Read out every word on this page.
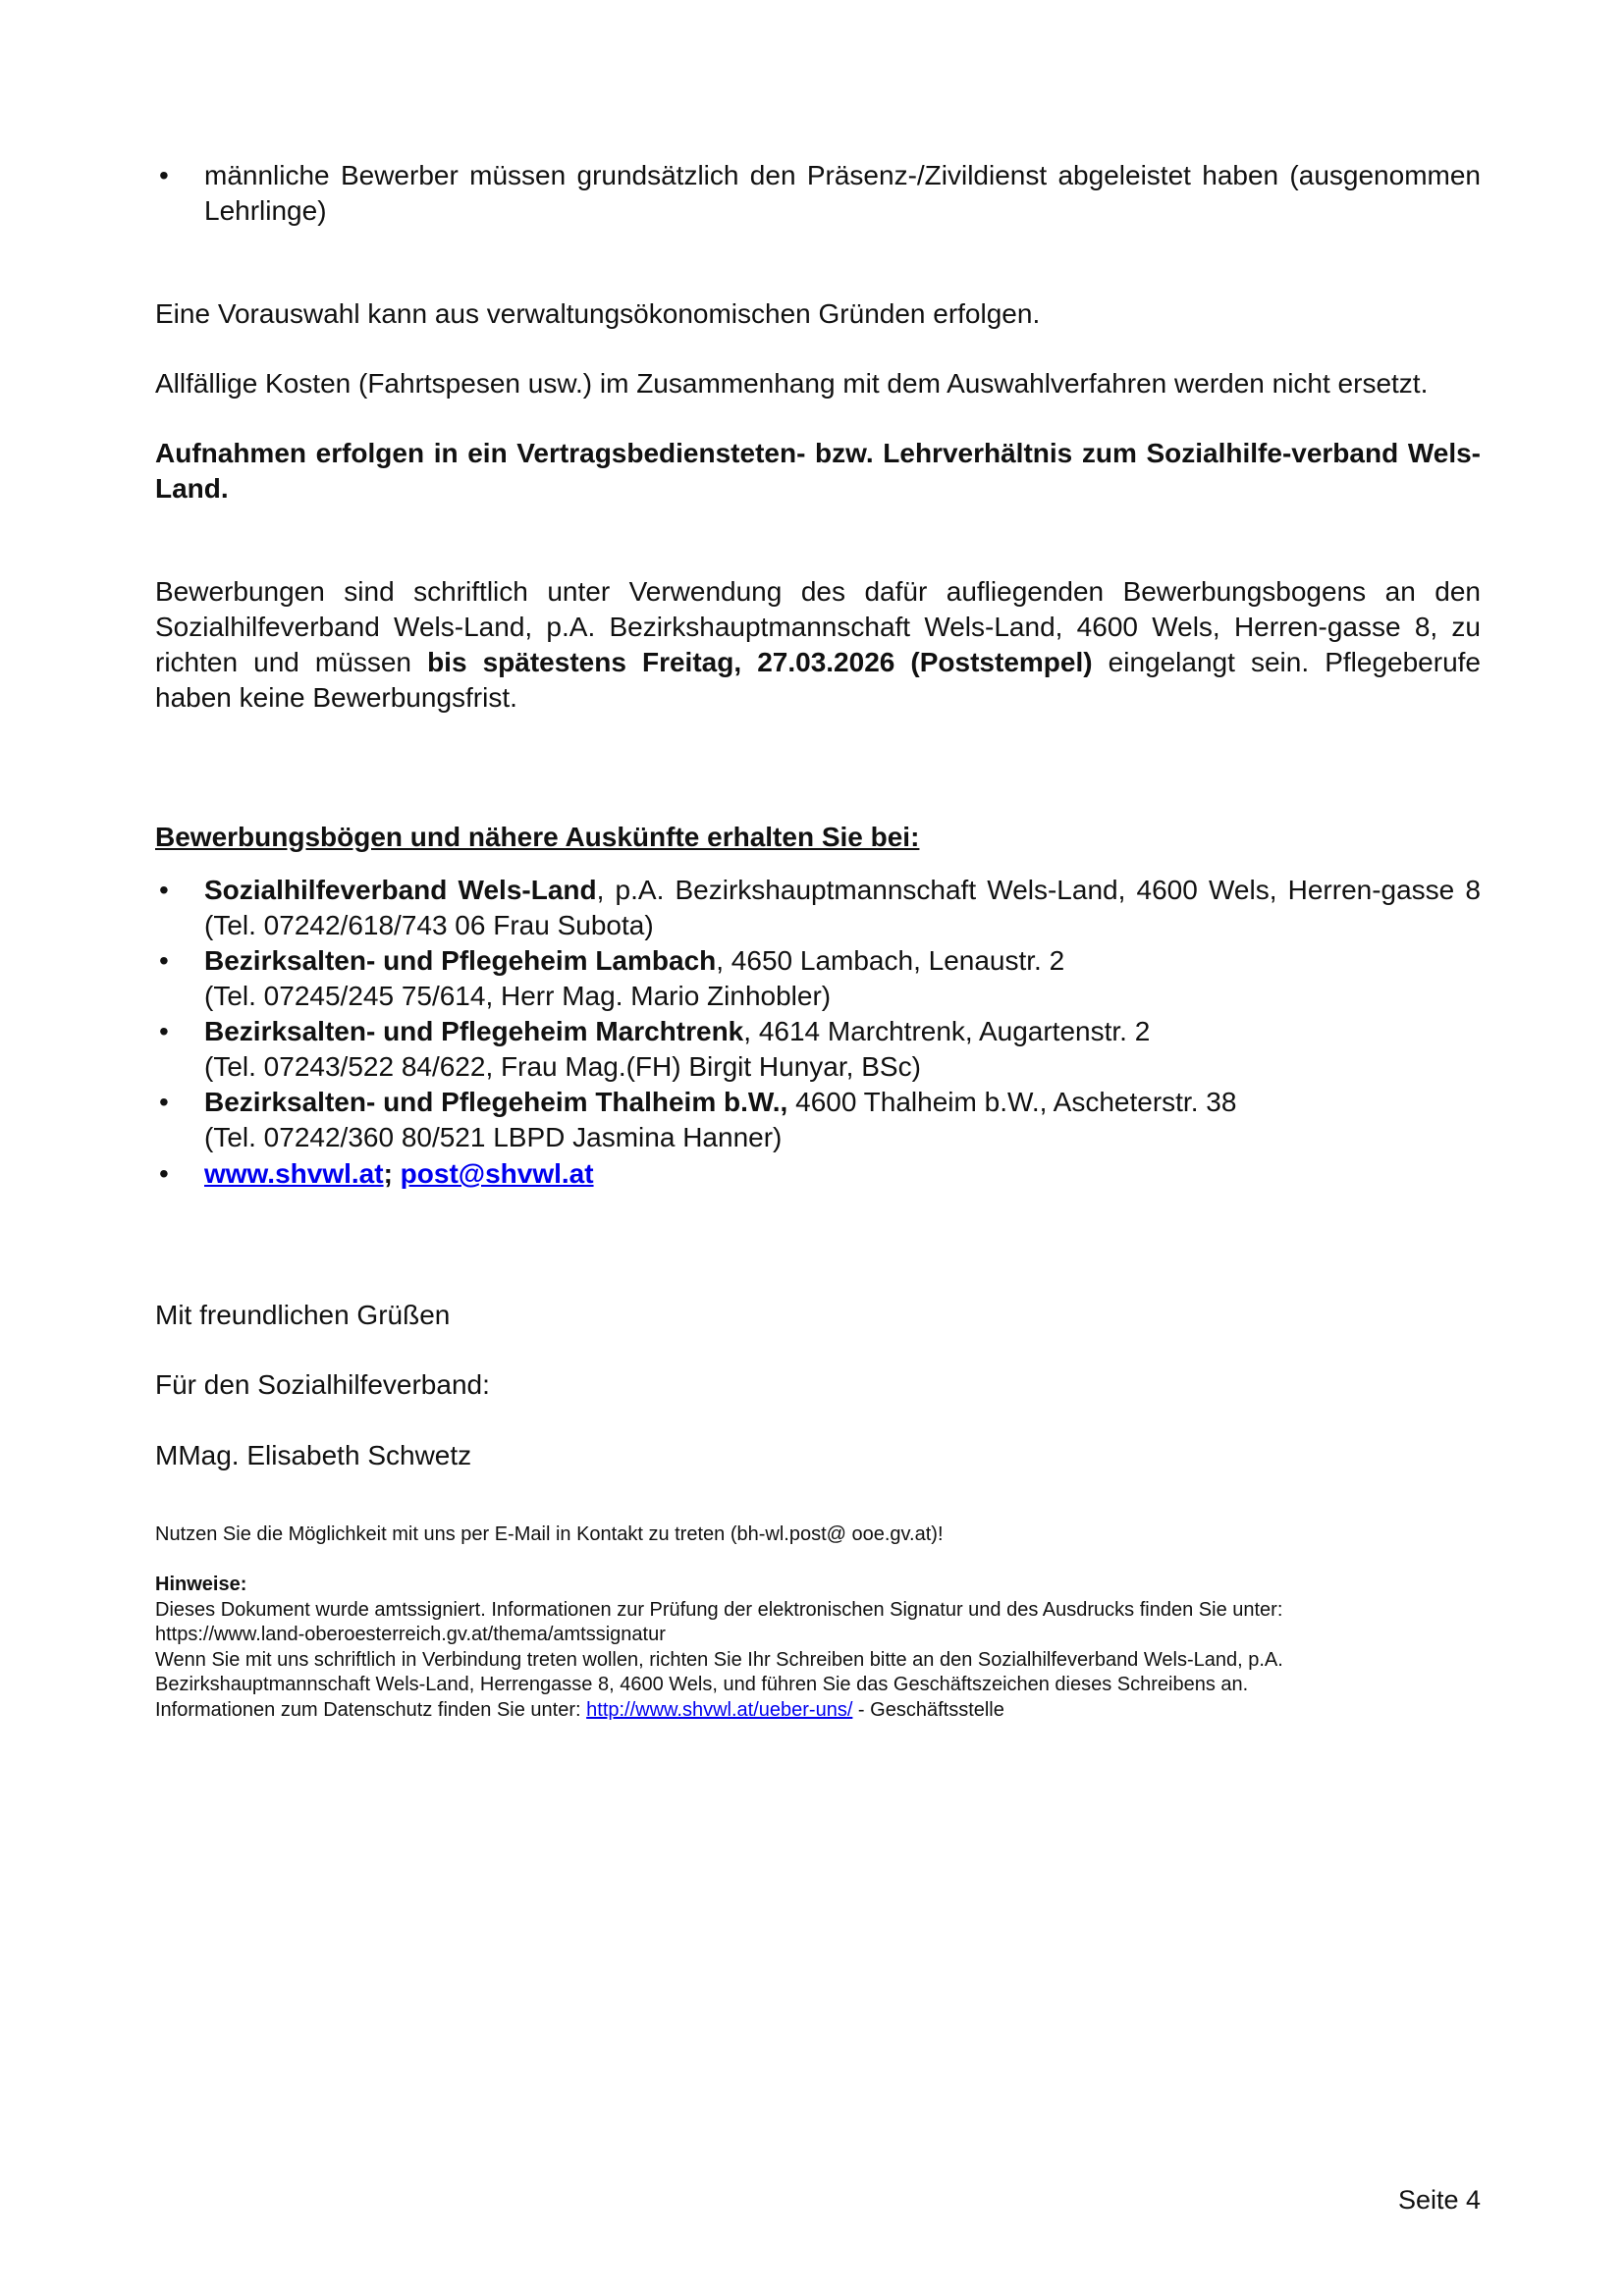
• männliche Bewerber müssen grundsätzlich den Präsenz-/Zivildienst abgeleistet haben (ausgenommen Lehrlinge)
Eine Vorauswahl kann aus verwaltungsökonomischen Gründen erfolgen.
Allfällige Kosten (Fahrtspesen usw.) im Zusammenhang mit dem Auswahlverfahren werden nicht ersetzt.
Aufnahmen erfolgen in ein Vertragsbediensteten- bzw. Lehrverhältnis zum Sozialhilfe-verband Wels-Land.
Bewerbungen sind schriftlich unter Verwendung des dafür aufliegenden Bewerbungsbogens an den Sozialhilfeverband Wels-Land, p.A. Bezirkshauptmannschaft Wels-Land, 4600 Wels, Herren-gasse 8, zu richten und müssen bis spätestens Freitag, 27.03.2026 (Poststempel) eingelangt sein. Pflegeberufe haben keine Bewerbungsfrist.
Bewerbungsbögen und nähere Auskünfte erhalten Sie bei:
• Sozialhilfeverband Wels-Land, p.A. Bezirkshauptmannschaft Wels-Land, 4600 Wels, Herren-gasse 8 (Tel. 07242/618/743 06 Frau Subota)
• Bezirksalten- und Pflegeheim Lambach, 4650 Lambach, Lenaustr. 2
(Tel. 07245/245 75/614, Herr Mag. Mario Zinhobler)
• Bezirksalten- und Pflegeheim Marchtrenk, 4614 Marchtrenk, Augartenstr. 2
(Tel. 07243/522 84/622, Frau Mag.(FH) Birgit Hunyar, BSc)
• Bezirksalten- und Pflegeheim Thalheim b.W., 4600 Thalheim b.W., Ascheterstr. 38
(Tel. 07242/360 80/521 LBPD Jasmina Hanner)
• www.shvwl.at; post@shvwl.at
Mit freundlichen Grüßen
Für den Sozialhilfeverband:
MMag. Elisabeth Schwetz
Nutzen Sie die Möglichkeit mit uns per E-Mail in Kontakt zu treten (bh-wl.post@ ooe.gv.at)!

Hinweise:

Dieses Dokument wurde amtssigniert. Informationen zur Prüfung der elektronischen Signatur und des Ausdrucks finden Sie unter:

https://www.land-oberoesterreich.gv.at/thema/amtssignatur

Wenn Sie mit uns schriftlich in Verbindung treten wollen, richten Sie Ihr Schreiben bitte an den Sozialhilfeverband Wels-Land, p.A.

Bezirkshauptmannschaft Wels-Land, Herrengasse 8, 4600 Wels, und führen Sie das Geschäftszeichen dieses Schreibens an.

Informationen zum Datenschutz finden Sie unter: http://www.shvwl.at/ueber-uns/ - Geschäftsstelle

Seite 4
